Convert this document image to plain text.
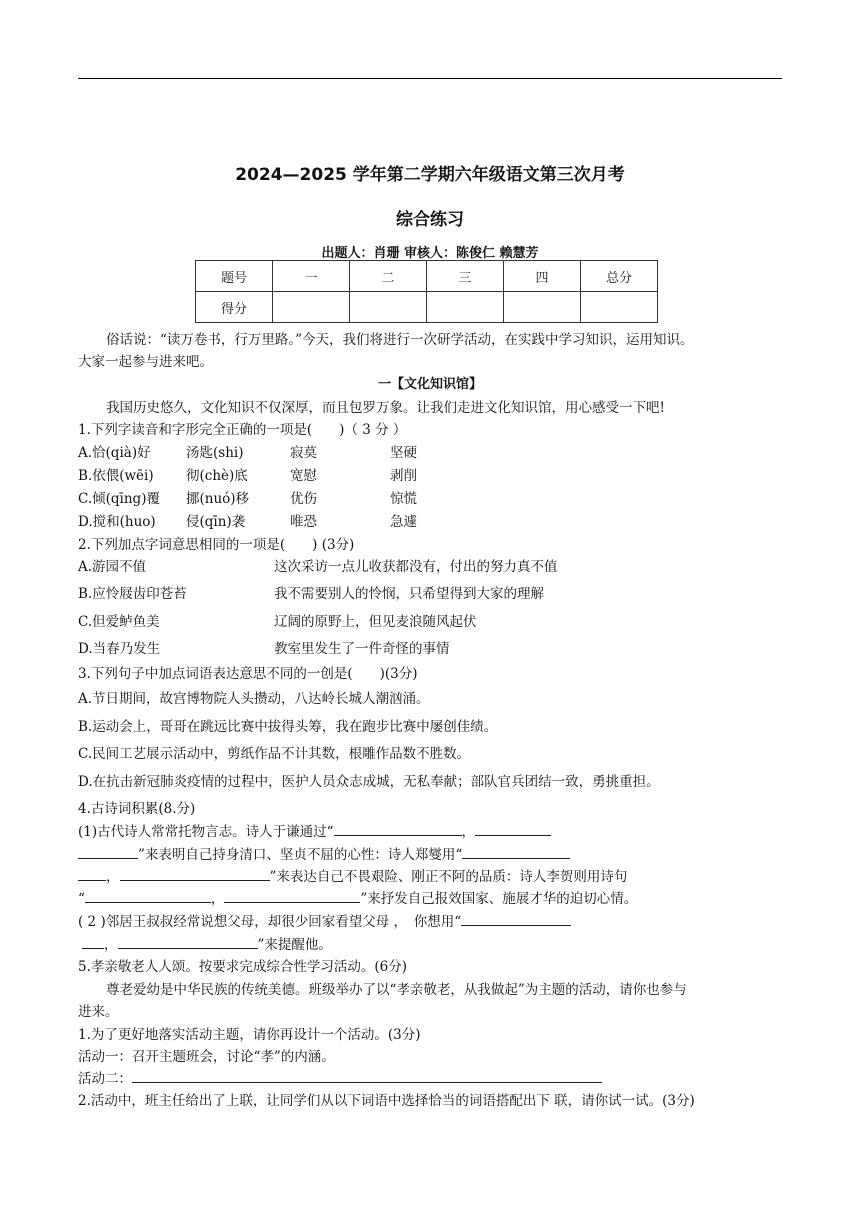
2024—2025 学年第二学期六年级语文第三次月考
综合练习
出题人：肖珊 审核人：陈俊仁 赖慧芳
题号	一	二	三	四	总分
得分					
俗话说：“读万卷书，行万里路。”今天，我们将进行一次研学活动，在实践中学习知识，运用知识。
大家一起参与进来吧。
一【文化知识馆】
我国历史悠久，文化知识不仅深厚，而且包罗万象。让我们走进文化知识馆，用心感受一下吧!
1.下列字读音和字形完全正确的一项是(　　)（ 3 分 ）
A.恰(qià)好	汤匙(shi)	寂莫	坚硬
B.依偎(wēi) 彻(chè)底	宽慰	剥削
C.倾(qīng)覆 挪(nuó)移	优伤	惊慌
D.搅和(huo) 侵(qīn)袭	唯恐	急遽
2.下列加点字词意思相同的一项是(　　) (3分)
A.游园不值	这次采访一点儿收获都没有，付出的努力真不值
B.应怜屐齿印苍苔	我不需要别人的怜悯，只希望得到大家的理解
C.但爱鲈鱼美	辽阔的原野上，但见麦浪随风起伏
D.当春乃发生	教室里发生了一件奇怪的事情
3.下列句子中加点词语表达意思不同的一创是(　　)(3分)
A.节日期间，故宫博物院人头攒动，八达岭长城人潮汹涌。
B.运动会上，哥哥在跳远比赛中拔得头筹，我在跑步比赛中屡创佳绩。
C.民间工艺展示活动中，剪纸作品不计其数，根雕作品数不胜数。
D.在抗击新冠肺炎疫情的过程中，医护人员众志成城，无私奉献；部队官兵团结一致，勇挑重担。
4.古诗词积累(8.分)
(1)古代诗人常常托物言志。诗人于谦通过“	，
”来表明自己持身清口、坚贞不屈的心性：诗人郑燮用“
，	”来表达自己不畏艰险、刚正不阿的品质：诗人李贺则用诗句
“	，	”来抒发自己报效国家、施展才华的迫切心情。
( 2 )邻居王叔叔经常说想父母，却很少回家看望父母 ，　你想用“
，	”来提醒他。
5.孝亲敬老人人颂。按要求完成综合性学习活动。(6分)
尊老爱幼是中华民族的传统美德。班级举办了以“孝亲敬老，从我做起”为主题的活动，请你也参与
进来。
1.为了更好地落实活动主题，请你再设计一个活动。(3分)
活动一：召开主题班会，讨论“孝”的内涵。
活动二：
2.活动中，班主任给出了上联，让同学们从以下词语中选择恰当的词语搭配出下 联，请你试一试。(3分)
